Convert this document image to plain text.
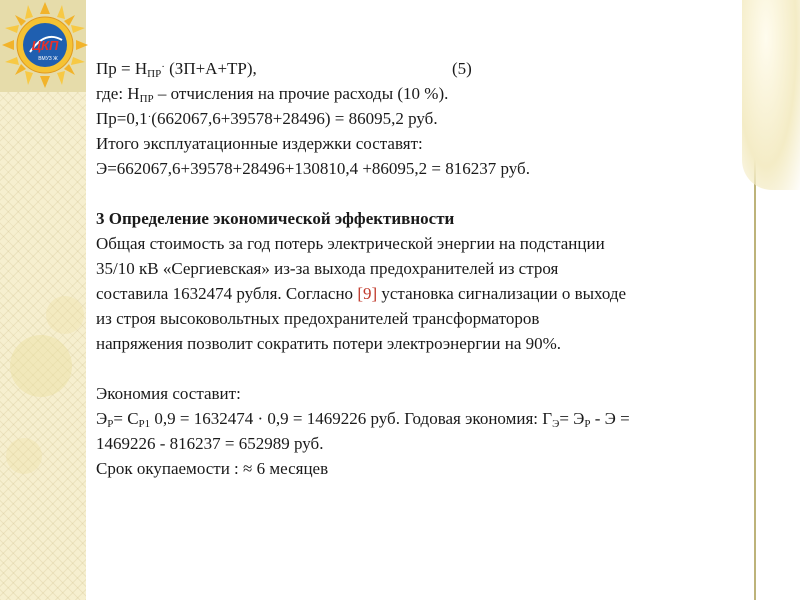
ЦКП
ВМУЗ Ж Пр = $Н_{ПР}^\cdot$ (ЗП+А+ТР),	(5)
где: $Н_{ПР}$ – отчисления на прочие расходы (10 %).
Пр=0,1·(662067,6+39578+28496) = 86095,2 руб.
Итого эксплуатационные издержки составят:
Э=662067,6+39578+28496+130810,4 +86095,2 = 816237 руб.
3 Определение экономической эффективности
Общая стоимость за год потерь электрической энергии на подстанции
35/10 кВ «Сергиевская» из-за выхода предохранителей из строя
составила 1632474 рубля. Согласно [9] установка сигнализации о выходе
из строя высоковольтных предохранителей трансформаторов
напряжения позволит сократить потери электроэнергии на 90%.
Экономия составит:
$Э_Р= С_{Р1}$ 0,9 = 1632474 · 0,9 = 1469226 руб. Годовая экономия: $Г_Э= Э_Р - Э$ =
1469226 - 816237 = 652989 руб.
Срок окупаемости : ≈ 6 месяцев
